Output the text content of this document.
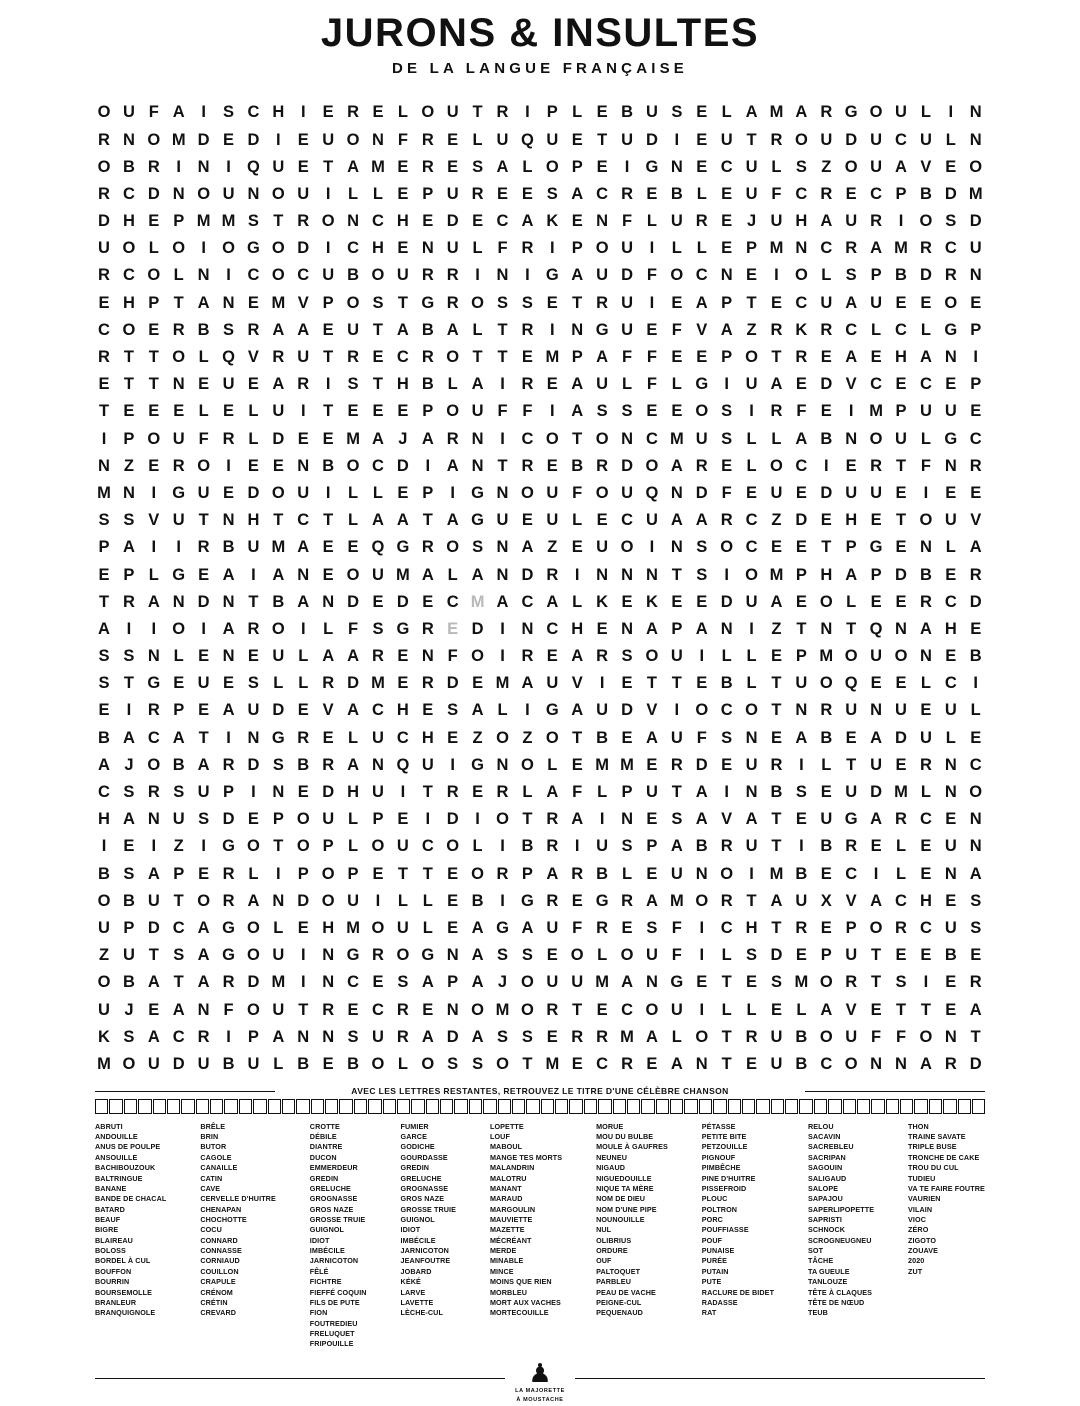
JURONS & INSULTES
DE LA LANGUE FRANÇAISE
O U F A	I	S C H	I	E R E L O U T R	I	P L E B U S E L A M A R G O U L	I	N
R N O M D E D	I	E U O N F R E L U Q U E T U D	I	E U T R O U D U C U L N
O B R	I	N	I Q U E T A M E R E S A L O P E	I G N E C U L S Z O U A V E O
R C D N O U N O U	I	L L E P U R E E S A C R E B L E U F C R E C P B D M
D H E P M M S T R O N C H E D E C A K E N F L U R E J U H A U R	I O S D
U O L O I O G O D	I	C H E N U L F R	I	P O U	I	L L E P M N C R A M R C U
R C O L N	I	C O C U B O U R R	I	N	I G A U D F O C N E	I O L S P B D R N
E H P T A N E M V P O S T G R O S S E T R U	I	E A P T E C U A U E E O E
C O E R B S R A A E U T A B A L T R	I	N G U E F V A Z R K R C L C L G P
R T T O L Q V R U T R E C R O T T E M P A F F E E P O T R E A E H A N	I
E T T N E U E A R	I	S T H B L A	I	R E A U L F L G I	U A E D V C E C E P
T E E E L E L U	I	T E E E P O U F F	I	A S S E E O S	I	R F E	I M P U U E
I	P O U F R L D E E M A J A R N	I	C O T O N C M U S L L A B N O U L G C
N Z E R O I	E E N B O C D	I	A N T R E B R D O A R E L O C	I	E R T F N R
M N	I G U E D O U	I	L L E P	I G N O U F O U Q N D F E U E D U U E	I	E E
S S V U T N H T C T L A A T A G U E U L E C U A A R C Z D E H E T O U V
P A	I	I	R B U M A E E Q G R O S N A Z E U O I	N S O C E E T P G E N L A
E P L G E A	I	A N E O U M A L A N D R	I	N N N T S	I O M P H A P D B E R
T R A N D N T B A N D E D E C M A C A L K E K E E D U A E O L E E R C D
A	I	I O I	A R O I	L F S G R E D	I	N C H E N A P A N	I	Z T N T Q N A H E
S S N L E N E U L A A R E N F O I	R E A R S O U	I	L L E P M O U O N E B
S T G E U E S L L R D M E R D E M A U V	I	E T T E B L T U O Q E E L C	I
E	I	R P E A U D E V A C H E S A L	I G A U D V	I O C O T N R U N U E U L
B A C A T	I	N G R E L U C H E Z O Z O T B E A U F S N E A B E A D U L E
A J O B A R D S B R A N Q U	I G N O L E M M E R D E U R	I	L T U E R N C
C S R S U P	I	N E D H U	I	T R E R L A F L P U T A	I	N B S E U D M L N O
H A N U S D E P O U L P E	I	D	I O T R A	I	N E S A V A T E U G A R C E N
I	E	I	Z	I G O T O P L O U C O L	I	B R	I	U S P A B R U T	I	B R E L E U N
B S A P E R L	I	P O P E T T E O R P A R B L E U N O I M B E C	I	L E N A
O B U T O R A N D O U	I	L L E B	I G R E G R A M O R T A U X V A C H E S
U P D C A G O L E H M O U L E A G A U F R E S F	I	C H T R E P O R C U S
Z U T S A G O U	I	N G R O G N A S S E O L O U F	I	L S D E P U T E E B E
O B A T A R D M I	N C E S A P A J O U U M A N G E T E S M O R T S	I	E R
U J E A N F O U T R E C R E N O M O R T E C O U	I	L L E L A V E T T E A
K S A C R	I	P A N N S U R A D A S S E R R M A L O T R U B O U F F O N T
M O U D U B U L B E B O L O S S O T M E C R E A N T E U B C O N N A R D
AVEC LES LETTRES RESTANTES, RETROUVEZ LE TITRE D'UNE CÉLÈBRE CHANSON
ABRUTI
ANDOUILLE
ANUS DE POULPE
ANSOUILLE
BACHIBOUZOUK
BALTRINGUE
BANANE
BANDE DE CHACAL
BATARD
BEAUF
BIGRE
BLAIREAU
BOLOSS
BORDEL À CUL
BOUFFON
BOURRIN
BOURSEMOLLE
BRANLEUR
BRANQUIGNOLE
BRÊLE
BRIN
BUTOR
CAGOLE
CANAILLE
CATIN
CAVE
CERVELLE D'HUITRE
CHENAPAN
CHOCHOTTE
COCU
CONNARD
CONNASSE
CORNIAUD
COUILLON
CRAPULE
CRÉNOM
CRÉTIN
CREVARD
CROTTE
DÉBILE
DIANTRE
DUCON
EMMERDEUR
GREDIN
GRELUCHE
GROGNASSE
GROS NAZE
GROSSE TRUIE
GUIGNOL
IDIOT
IMBÉCILE
JARNICOTON
FÊLÉ
FICHTRE
FIEFFÉ COQUIN
FILS DE PUTE
FION
FOUTREDIEU
FRELUQUET
FRIPOUILLE
FUMIER
GARCE
GODICHE
GOURDASSE
GREDIN
GRELUCHE
GROGNASSE
GROS NAZE
GROSSE TRUIE
GUIGNOL
IDIOT
IMBÉCILE
JARNICOTON
JEANFOUTRE
JOBARD
KÉKÉ
LARVE
LAVETTE
LÈCHE-CUL
LOPETTE
LOUF
MABOUL
MANGE TES MORTS
MALANDRIN
MALOTRU
MANANT
MARAUD
MARGOULIN
MAUVIETTE
MAZETTE
MÉCRÉANT
MERDE
MINABLE
MINCE
MOINS QUE RIEN
MORBLEU
MORT AUX VACHES
MORTECOUILLE
MORUE
MOU DU BULBE
MOULE À GAUFRES
NEUNEU
NIGAUD
NIGUEDOUILLE
NIQUE TA MÈRE
NOM DE DIEU
NOM D'UNE PIPE
NOUNOUILLE
NUL
OLIBRIUS
ORDURE
OUF
PALTOQUET
PARBLEU
PEAU DE VACHE
PEIGNE-CUL
PEQUENAUD
PÉTASSE
PETITE BITE
PETZOUILLE
PIGNOUF
PIMBÊCHE
PINE D'HUITRE
PISSEFROID
PLOUC
POLTRON
PORC
POUFFIASSE
POUF
PUNAISE
PURÉE
PUTAIN
PUTE
RACLURE DE BIDET
RADASSE
RAT
RELOU
SACAVIN
SACREBLEU
SACRIPAN
SAGOUIN
SALIGAUD
SALOPE
SAPAJOU
SAPERLIPOPETTE
SAPRISTI
SCHNOCK
SCROGNEUGNEU
SOT
TÂCHE
TA GUEULE
TANLOUZE
TÊTE À CLAQUES
TÊTE DE NŒUD
TEUB
THON
TRAINE SAVATE
TRIPLE BUSE
TRONCHE DE CAKE
TROU DU CUL
TUDIEU
VA TE FAIRE FOUTRE
VAURIEN
VILAIN
VIOC
ZÉRO
ZIGOTO
ZOUAVE
2020
ZUT
♟
LA MAJORETTE
À MOUSTACHE
